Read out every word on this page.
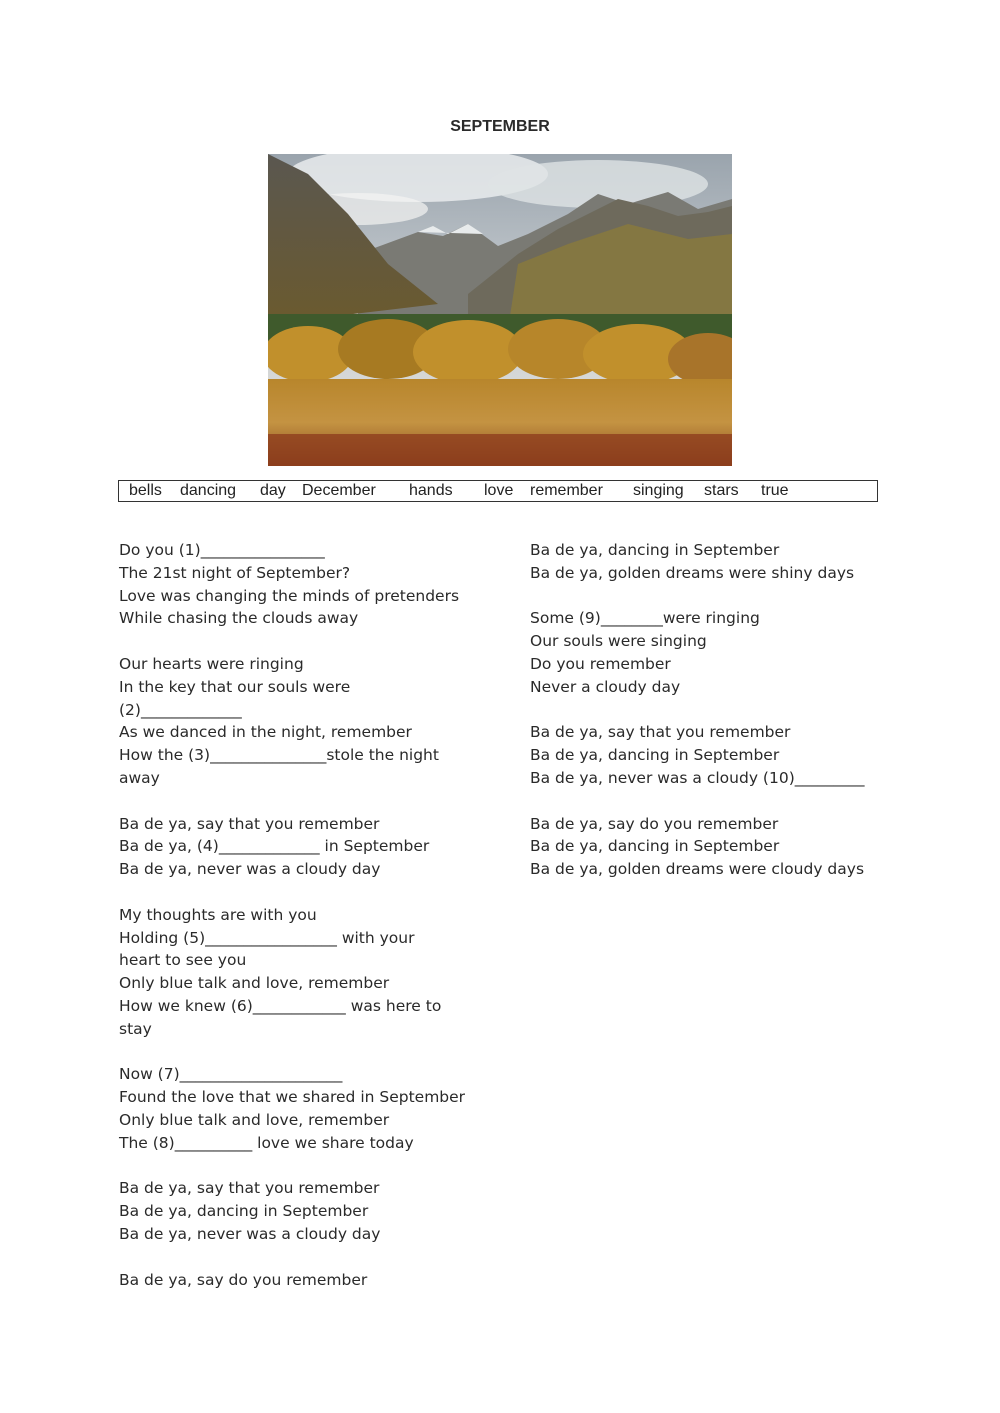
SEPTEMBER
bells dancing day December hands love remember singing stars true
Do you (1)________________
The 21st night of September?
Love was changing the minds of pretenders
While chasing the clouds away
Our hearts were ringing
In the key that our souls were
(2)_____________
As we danced in the night, remember
How the (3)_______________stole the night
away
Ba de ya, say that you remember
Ba de ya, (4)_____________ in September
Ba de ya, never was a cloudy day
My thoughts are with you
Holding (5)_________________ with your
heart to see you
Only blue talk and love, remember
How we knew (6)____________ was here to
stay
Now (7)_____________________
Found the love that we shared in September
Only blue talk and love, remember
The (8)__________ love we share today
Ba de ya, say that you remember
Ba de ya, dancing in September
Ba de ya, never was a cloudy day
Ba de ya, say do you remember
Ba de ya, dancing in September
Ba de ya, golden dreams were shiny days
Some (9)________were ringing
Our souls were singing
Do you remember
Never a cloudy day
Ba de ya, say that you remember
Ba de ya, dancing in September
Ba de ya, never was a cloudy (10)_________
Ba de ya, say do you remember
Ba de ya, dancing in September
Ba de ya, golden dreams were cloudy days
